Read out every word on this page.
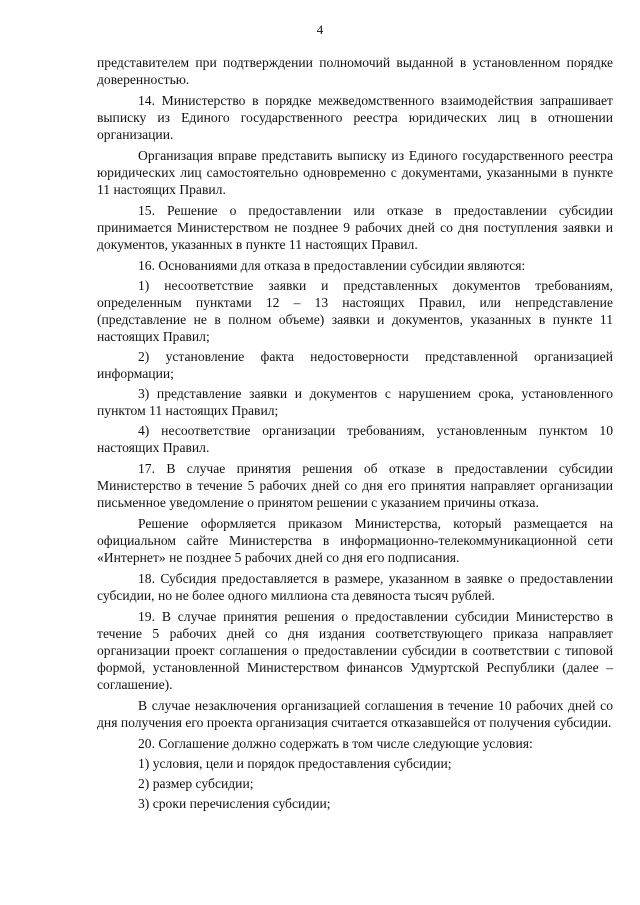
4

представителем при подтверждении полномочий выданной в установленном порядке доверенностью.

14. Министерство в порядке межведомственного взаимодействия запрашивает выписку из Единого государственного реестра юридических лиц в отношении организации.

Организация вправе представить выписку из Единого государственного реестра юридических лиц самостоятельно одновременно с документами, указанными в пункте 11 настоящих Правил.

15. Решение о предоставлении или отказе в предоставлении субсидии принимается Министерством не позднее 9 рабочих дней со дня поступления заявки и документов, указанных в пункте 11 настоящих Правил.

16. Основаниями для отказа в предоставлении субсидии являются:

1) несоответствие заявки и представленных документов требованиям, определенным пунктами 12 – 13 настоящих Правил, или непредставление (представление не в полном объеме) заявки и документов, указанных в пункте 11 настоящих Правил;

2) установление факта недостоверности представленной организацией информации;

3) представление заявки и документов с нарушением срока, установленного пунктом 11 настоящих Правил;

4) несоответствие организации требованиям, установленным пунктом 10 настоящих Правил.

17. В случае принятия решения об отказе в предоставлении субсидии Министерство в течение 5 рабочих дней со дня его принятия направляет организации письменное уведомление о принятом решении с указанием причины отказа.

Решение оформляется приказом Министерства, который размещается на официальном сайте Министерства в информационно-телекоммуникационной сети «Интернет» не позднее 5 рабочих дней со дня его подписания.

18. Субсидия предоставляется в размере, указанном в заявке о предоставлении субсидии, но не более одного миллиона ста девяноста тысяч рублей.

19. В случае принятия решения о предоставлении субсидии Министерство в течение 5 рабочих дней со дня издания соответствующего приказа направляет организации проект соглашения о предоставлении субсидии в соответствии с типовой формой, установленной Министерством финансов Удмуртской Республики (далее – соглашение).

В случае незаключения организацией соглашения в течение 10 рабочих дней со дня получения его проекта организация считается отказавшейся от получения субсидии.

20. Соглашение должно содержать в том числе следующие условия:

1) условия, цели и порядок предоставления субсидии;

2) размер субсидии;

3) сроки перечисления субсидии;
